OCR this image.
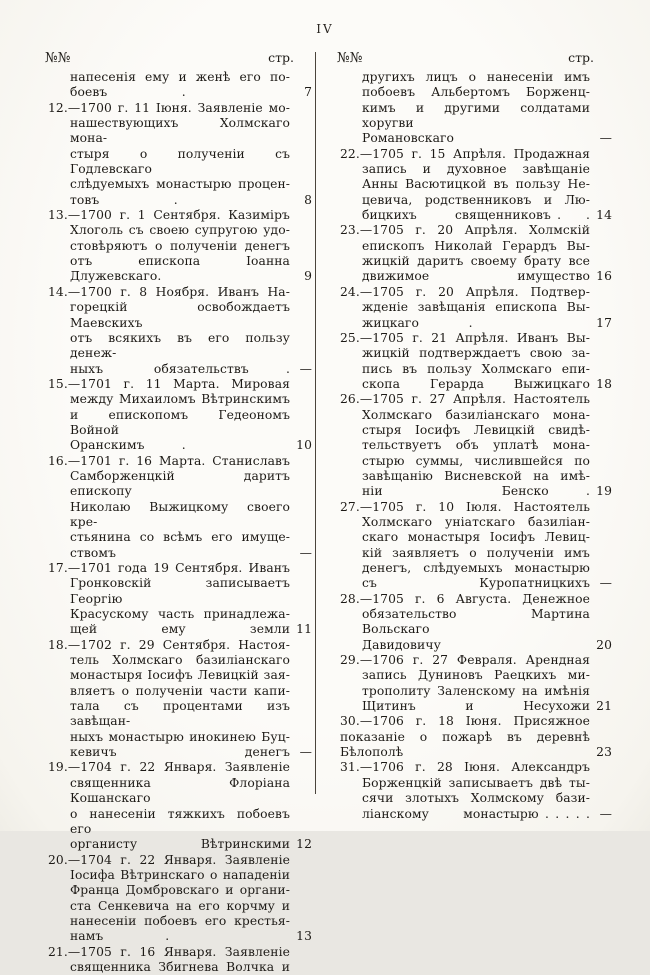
IV
№№	стр.
напесенія ему и женѣ его по-
боевъ      .	7
12.—1700 г. 11 Іюня. Заявленіе мо-
нашествующихъ Холмскаго мона-
стыря о полученіи съ Годлевскаго
слѣдуемыхъ монастырю процен-
товъ      .	8
13.—1700 г. 1 Сентября. Казиміръ
Хлоголь съ своею супругою удо-
стовѣряютъ о полученіи денегъ
отъ епископа Іоанна Длужевскаго.	9
14.—1700 г. 8 Ноября. Иванъ На-
горецкій освобождаетъ Маевскихъ
отъ всякихъ въ его пользу денеж-
ныхъ обязательствъ   . —
15.—1701 г. 11 Марта. Мировая
между Михаиломъ Вѣтринскимъ
и епископомъ Гедеономъ Войной
Оранскимъ   .	10
16.—1701 г. 16 Марта. Станиславъ
Самборженцкій даритъ епископу
Николаю Выжицкому своего кре-
стьянина со всѣмъ его имуще-
ствомъ	—
17.—1701 года 19 Сентября. Иванъ
Гронковскій записываетъ Георгію
Красускому часть принадлежа-
щей ему земли 11
18.—1702 г. 29 Сентября. Настоя-
тель Холмскаго базиліанскаго
монастыря Іосифъ Левицкій зая-
вляетъ о полученіи части капи-
тала съ процентами изъ завѣщан-
ныхъ монастырю инокинею Буц-
кевичъ денегъ —
19.—1704 г. 22 Января. Заявленіе
священника Флоріана Кошанскаго
о нанесеніи тяжкихъ побоевъ его
органисту Вѣтринскими 12
20.—1704 г. 22 Января. Заявленіе
Іосифа Вѣтринскаго о нападеніи
Франца Домбровскаго и органи-
ста Сенкевича на его корчму и
нанесеніи побоевъ его крестья-
намъ     .	13
21.—1705 г. 16 Января. Заявленіе
священника Збигнева Волчка и
№№	стр.
другихъ лицъ о нанесеніи имъ
побоевъ Альбертомъ Борженц-
кимъ и другими солдатами хоругви
Романовскаго	—
22.—1705 г. 15 Апрѣля. Продажная
запись и духовное завѣщаніе
Анны Васютицкой въ пользу Не-
цевича, родственниковъ и Лю-
бицкихъ священниковъ .  . 14
23.—1705 г. 20 Апрѣля. Холмскій
епископъ Николай Герардъ Вы-
жицкій даритъ своему брату все
движимое имущество 16
24.—1705 г. 20 Апрѣля. Подтвер-
жденіе завѣщанія епископа Вы-
жицкаго    .	17
25.—1705 г. 21 Апрѣля. Иванъ Вы-
жицкій подтверждаетъ свою за-
пись въ пользу Холмскаго епи-
скопа Герарда Выжицкаго 18
26.—1705 г. 27 Апрѣля. Настоятель
Холмскаго базиліанскаго мона-
стыря Іосифъ Левицкій свидѣ-
тельствуетъ объ уплатѣ мона-
стырю суммы, числившейся по
завѣщанію Висневской на имѣ-
ніи Бенско   . 19
27.—1705 г. 10 Іюля. Настоятель
Холмскаго уніатскаго базиліан-
скаго монастыря Іосифъ Левиц-
кій заявляетъ о полученіи имъ
денегъ, слѣдуемыхъ монастырю
съ Куропатницкихъ —
28.—1705 г. 6 Августа. Денежное
обязательство Мартина Вольскаго
Давидовичу	20
29.—1706 г. 27 Февраля. Арендная
запись Дуниновъ Раецкихъ ми-
трополиту Заленскому на имѣнія
Щитинъ и Несухожи 21
30.—1706 г. 18 Іюня. Присяжное
показаніе о пожарѣ въ деревнѣ
Бѣлополѣ	23
31.—1706 г. 28 Іюня. Александръ
Борженцкій записываетъ двѣ ты-
сячи злотыхъ Холмскому бази-
ліанскому монастырю . . . . . —
